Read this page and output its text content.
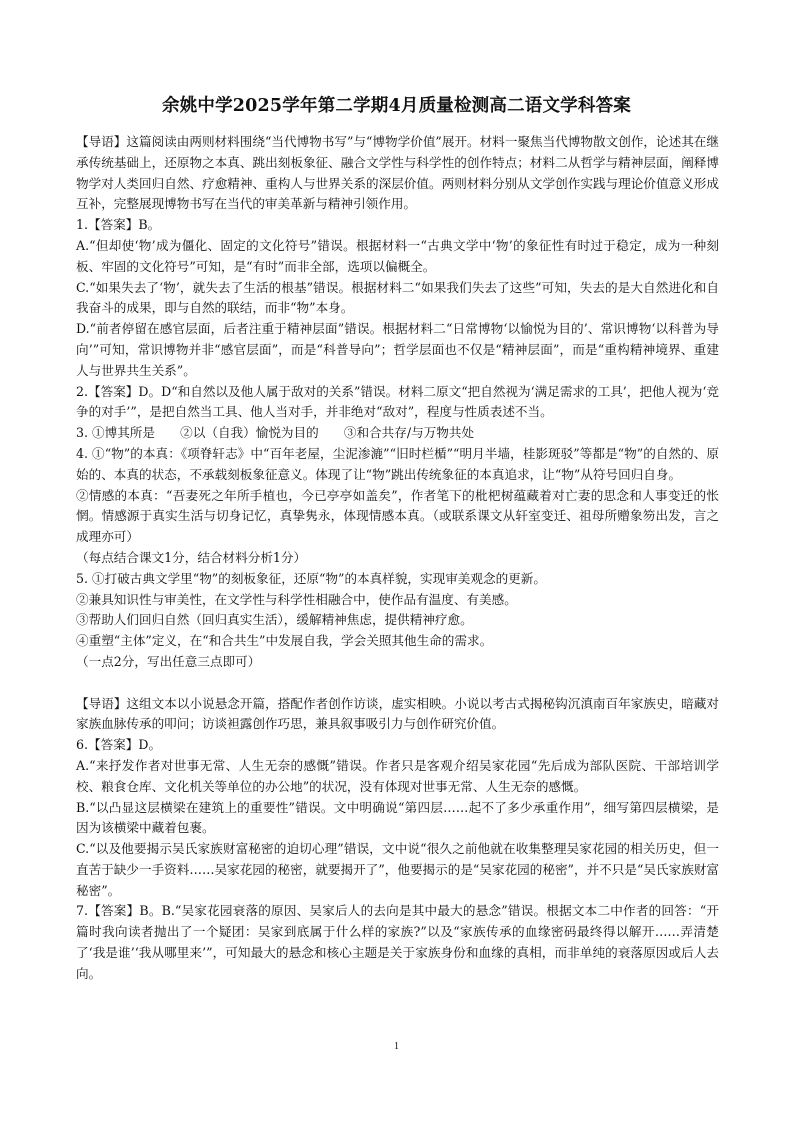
余姚中学2025学年第二学期4月质量检测高二语文学科答案

【导语】这篇阅读由两则材料围绕“当代博物书写”与“博物学价值”展开。材料一聚焦当代博物散文创作，论述其在继承传统基础上，还原物之本真、跳出刻板象征、融合文学性与科学性的创作特点；材料二从哲学与精神层面，阐释博物学对人类回归自然、疗愈精神、重构人与世界关系的深层价值。两则材料分别从文学创作实践与理论价值意义形成互补，完整展现博物书写在当代的审美革新与精神引领作用。

1.【答案】B。

A.“但却使‘物’成为僵化、固定的文化符号”错误。根据材料一“古典文学中‘物’的象征性有时过于稳定，成为一种刻板、牢固的文化符号”可知，是“有时”而非全部，选项以偏概全。

C.“如果失去了‘物’，就失去了生活的根基”错误。根据材料二“如果我们失去了这些”可知，失去的是大自然进化和自我奋斗的成果，即与自然的联结，而非“物”本身。

D.“前者停留在感官层面，后者注重于精神层面”错误。根据材料二“日常博物‘以愉悦为目的’、常识博物‘以科普为导向’”可知，常识博物并非“感官层面”，而是“科普导向”；哲学层面也不仅是“精神层面”，而是“重构精神境界、重建人与世界共生关系”。

2.【答案】D。D“和自然以及他人属于敌对的关系”错误。材料二原文“把自然视为‘满足需求的工具’，把他人视为‘竞争的对手’”，是把自然当工具、他人当对手，并非绝对“敌对”，程度与性质表述不当。

3. ①博其所是　　②以（自我）愉悦为目的　　③和合共存/与万物共处

4. ①“物”的本真：《项脊轩志》中“百年老屋，尘泥渗漉”“旧时栏楯”“明月半墙，桂影斑驳”等都是“物”的自然的、原始的、本真的状态，不承载刻板象征意义。体现了让“物”跳出传统象征的本真追求，让“物”从符号回归自身。

②情感的本真：“吾妻死之年所手植也，今已亭亭如盖矣”，作者笔下的枇杷树蕴藏着对亡妻的思念和人事变迁的怅惘。情感源于真实生活与切身记忆，真挚隽永，体现情感本真。（或联系课文从轩室变迁、祖母所赠象笏出发，言之成理亦可）

（每点结合课文1分，结合材料分析1分）

5. ①打破古典文学里“物”的刻板象征，还原“物”的本真样貌，实现审美观念的更新。

②兼具知识性与审美性，在文学性与科学性相融合中，使作品有温度、有美感。

③帮助人们回归自然（回归真实生活），缓解精神焦虑，提供精神疗愈。

④重塑“主体”定义，在“和合共生”中发展自我，学会关照其他生命的需求。

（一点2分，写出任意三点即可）

【导语】这组文本以小说悬念开篇，搭配作者创作访谈，虚实相映。小说以考古式揭秘钩沉滇南百年家族史，暗藏对家族血脉传承的叩问；访谈袒露创作巧思，兼具叙事吸引力与创作研究价值。

6.【答案】D。

A.“来抒发作者对世事无常、人生无奈的感慨”错误。作者只是客观介绍吴家花园“先后成为部队医院、干部培训学校、粮食仓库、文化机关等单位的办公地”的状况，没有体现对世事无常、人生无奈的感慨。

B.“以凸显这层横梁在建筑上的重要性”错误。文中明确说“第四层……起不了多少承重作用”，细写第四层横梁，是因为该横梁中藏着包裹。

C.“以及他要揭示吴氏家族财富秘密的迫切心理”错误，文中说“很久之前他就在收集整理吴家花园的相关历史，但一直苦于缺少一手资料……吴家花园的秘密，就要揭开了”，他要揭示的是“吴家花园的秘密”，并不只是“吴氏家族财富秘密”。

7.【答案】B。B.“吴家花园衰落的原因、吴家后人的去向是其中最大的悬念”错误。根据文本二中作者的回答：“开篇时我向读者抛出了一个疑团：吴家到底属于什么样的家族?”以及“家族传承的血缘密码最终得以解开……弄清楚了‘我是谁’‘我从哪里来’”，可知最大的悬念和核心主题是关于家族身份和血缘的真相，而非单纯的衰落原因或后人去向。

1
